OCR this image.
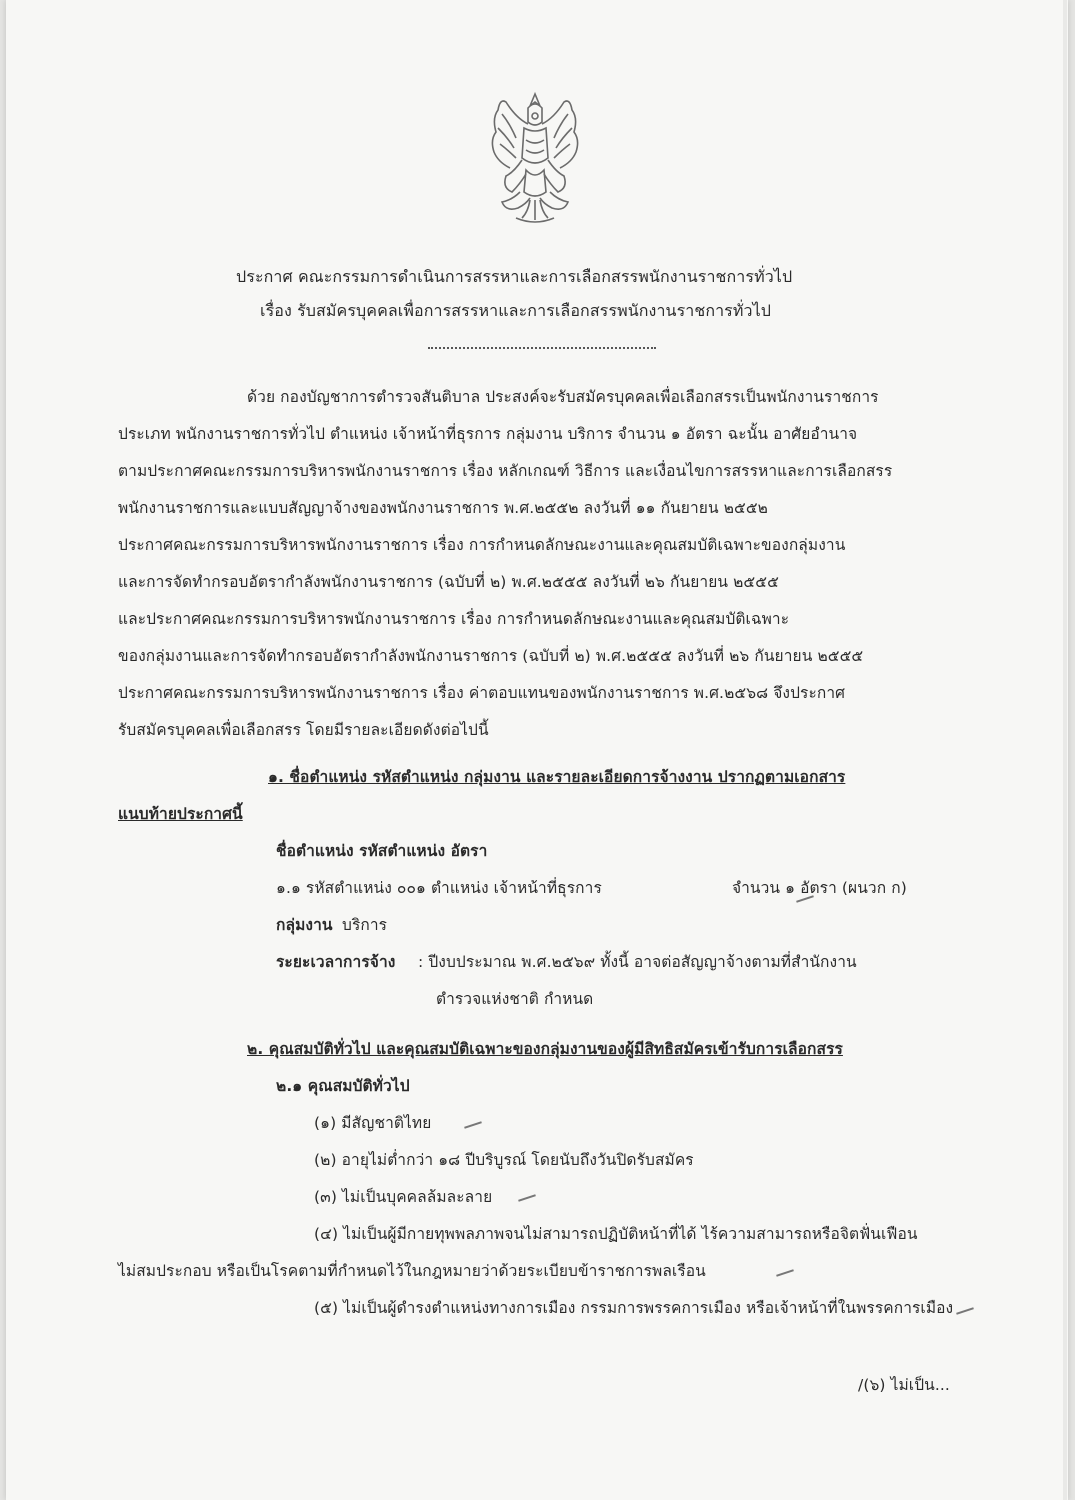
ประกาศ คณะกรรมการดำเนินการสรรหาและการเลือกสรรพนักงานราชการทั่วไป
เรื่อง รับสมัครบุคคลเพื่อการสรรหาและการเลือกสรรพนักงานราชการทั่วไป
ด้วย กองบัญชาการตำรวจสันติบาล ประสงค์จะรับสมัครบุคคลเพื่อเลือกสรรเป็นพนักงานราชการ
ประเภท พนักงานราชการทั่วไป ตำแหน่ง เจ้าหน้าที่ธุรการ กลุ่มงาน บริการ จำนวน ๑ อัตรา ฉะนั้น อาศัยอำนาจ
ตามประกาศคณะกรรมการบริหารพนักงานราชการ เรื่อง หลักเกณฑ์ วิธีการ และเงื่อนไขการสรรหาและการเลือกสรร
พนักงานราชการและแบบสัญญาจ้างของพนักงานราชการ พ.ศ.๒๕๕๒ ลงวันที่ ๑๑ กันยายน ๒๕๕๒
ประกาศคณะกรรมการบริหารพนักงานราชการ เรื่อง การกำหนดลักษณะงานและคุณสมบัติเฉพาะของกลุ่มงาน
และการจัดทำกรอบอัตรากำลังพนักงานราชการ (ฉบับที่ ๒) พ.ศ.๒๕๕๕ ลงวันที่ ๒๖ กันยายน ๒๕๕๕
และประกาศคณะกรรมการบริหารพนักงานราชการ เรื่อง การกำหนดลักษณะงานและคุณสมบัติเฉพาะ
ของกลุ่มงานและการจัดทำกรอบอัตรากำลังพนักงานราชการ (ฉบับที่ ๒) พ.ศ.๒๕๕๕ ลงวันที่ ๒๖ กันยายน ๒๕๕๕
ประกาศคณะกรรมการบริหารพนักงานราชการ เรื่อง ค่าตอบแทนของพนักงานราชการ พ.ศ.๒๕๖๘ จึงประกาศ
รับสมัครบุคคลเพื่อเลือกสรร โดยมีรายละเอียดดังต่อไปนี้
๑. ชื่อตำแหน่ง รหัสตำแหน่ง กลุ่มงาน และรายละเอียดการจ้างงาน ปรากฏตามเอกสาร
แนบท้ายประกาศนี้
ชื่อตำแหน่ง รหัสตำแหน่ง อัตรา
๑.๑ รหัสตำแหน่ง ๐๐๑ ตำแหน่ง เจ้าหน้าที่ธุรการ	จำนวน ๑ อัตรา (ผนวก ก)
กลุ่มงาน บริการ
ระยะเวลาการจ้าง : ปีงบประมาณ พ.ศ.๒๕๖๙ ทั้งนี้ อาจต่อสัญญาจ้างตามที่สำนักงาน
ตำรวจแห่งชาติ กำหนด
๒. คุณสมบัติทั่วไป และคุณสมบัติเฉพาะของกลุ่มงานของผู้มีสิทธิสมัครเข้ารับการเลือกสรร
๒.๑ คุณสมบัติทั่วไป
(๑) มีสัญชาติไทย
(๒) อายุไม่ต่ำกว่า ๑๘ ปีบริบูรณ์ โดยนับถึงวันปิดรับสมัคร
(๓) ไม่เป็นบุคคลล้มละลาย
(๔) ไม่เป็นผู้มีกายทุพพลภาพจนไม่สามารถปฏิบัติหน้าที่ได้ ไร้ความสามารถหรือจิตฟั่นเฟือน
ไม่สมประกอบ หรือเป็นโรคตามที่กำหนดไว้ในกฎหมายว่าด้วยระเบียบข้าราชการพลเรือน
(๕) ไม่เป็นผู้ดำรงตำแหน่งทางการเมือง กรรมการพรรคการเมือง หรือเจ้าหน้าที่ในพรรคการเมือง
/(๖) ไม่เป็น...
